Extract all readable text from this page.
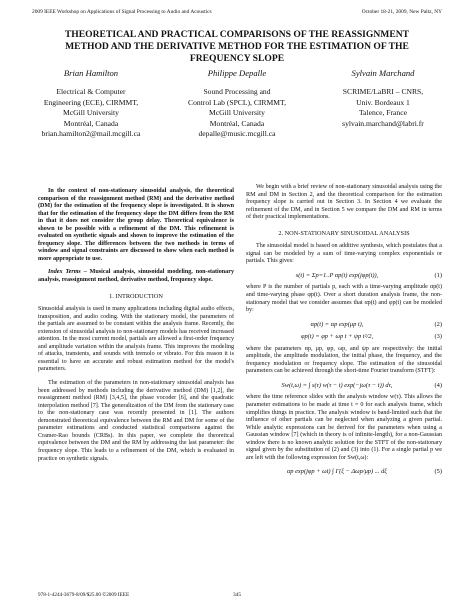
2009 IEEE Workshop on Applications of Signal Processing to Audio and Acoustics	October 18-21, 2009, New Paltz, NY
THEORETICAL AND PRACTICAL COMPARISONS OF THE REASSIGNMENT
METHOD AND THE DERIVATIVE METHOD FOR THE ESTIMATION OF THE
FREQUENCY SLOPE
Brian Hamilton
Electrical & Computer
Engineering (ECE), CIRMMT,
McGill University
Montréal, Canada
brian.hamilton2@mail.mcgill.ca
Philippe Depalle
Sound Processing and
Control Lab (SPCL), CIRMMT,
McGill University
Montréal, Canada
depalle@music.mcgill.ca
Sylvain Marchand
SCRIME/LaBRI – CNRS,
Univ. Bordeaux 1
Talence, France
sylvain.marchand@labri.fr

In the context of non-stationary sinusoidal analysis, the theoretical comparison of the reassignment method (RM) and the derivative method (DM) for the estimation of the frequency slope is investigated. It is shown that for the estimation of the frequency slope the DM differs from the RM in that it does not consider the group delay. Theoretical equivalence is shown to be possible with a refinement of the DM. This refinement is evaluated on synthetic signals and shown to improve the estimation of the frequency slope. The differences between the two methods in terms of window and signal constraints are discussed to show when each method is more appropriate to use.

Index Terms – Musical analysis, sinusoidal modeling, non-stationary analysis, reassignment method, derivative method, frequency slope.

1. INTRODUCTION

Sinusoidal analysis is used in many applications including digital audio effects, transposition, and audio coding. With the stationary model, the parameters of the partials are assumed to be constant within the analysis frame. Recently, the extension of sinusoidal analysis to non-stationary models has received increased attention. In the most current model, partials are allowed a first-order frequency and amplitude variation within the analysis frame. This improves the modeling of attacks, transients, and sounds with tremolo or vibrato. For this reason it is essential to have an accurate and robust estimation method for the model's parameters.

The estimation of the parameters in non-stationary sinusoidal analysis has been addressed by methods including the derivative method (DM) [1,2], the reassignment method (RM) [3,4,5], the phase vocoder [6], and the quadratic interpolation method [7]. The generalization of the DM from the stationary case to the non-stationary case was recently presented in [1]. The authors demonstrated theoretical equivalence between the RM and DM for some of the parameter estimations and conducted statistical comparisons against the Cramer-Rao bounds (CRBs). In this paper, we complete the theoretical equivalence between the DM and the RM by addressing the last parameter: the frequency slope. This leads to a refinement of the DM, which is evaluated in practice on synthetic signals.

We begin with a brief review of non-stationary sinusoidal analysis using the RM and DM in Section 2, and the theoretical comparison for the estimation frequency slope is carried out in Section 3. In Section 4 we evaluate the refinement of the DM, and in Section 5 we compare the DM and RM in terms of their practical implementations.

2. NON-STATIONARY SINUSOIDAL ANALYSIS

The sinusoidal model is based on additive synthesis, which postulates that a signal can be modeled by a sum of time-varying complex exponentials or partials. This gives:

s(t) = Σp=1..P αp(t) exp(jφp(t)),	(1)

where P is the number of partials p, each with a time-varying amplitude αp(t) and time-varying phase φp(t). Over a short duration analysis frame, the non-stationary model that we consider assumes that αp(t) and φp(t) can be modeled by:

αp(t) = αp exp(μp t),	(2)
φp(t) = φp + ωp t + ψp t²/2,	(3)

where the parameters αp, μp, φp, ωp, and ψp are respectively: the initial amplitude, the amplitude modulation, the initial phase, the frequency, and the frequency modulation or frequency slope. The estimation of the sinusoidal parameters can be achieved through the short-time Fourier transform (STFT):

Sw(t,ω) = ∫ s(τ) w(τ − t) exp(−jω(τ − t)) dτ,	(4)

where the time reference slides with the analysis window w(τ). This allows the parameter estimations to be made at time t = 0 for each analysis frame, which simplifies things in practice. The analysis window is band-limited such that the influence of other partials can be neglected when analyzing a given partial. While analytic expressions can be derived for the parameters when using a Gaussian window [7] (which in theory is of infinite-length), for a non-Gaussian window there is no known analytic solution for the STFT of the non-stationary signal given by the substitution of (2) and (3) into (1). For a single partial p we are left with the following expression for Sw(t,ω):

αp exp(jφp + ωt) ∫ Γ(ξ − Δωp/μp) ... dξ	(5)
978-1-4244-3679-8/09/$25.00 ©2009 IEEE	345
